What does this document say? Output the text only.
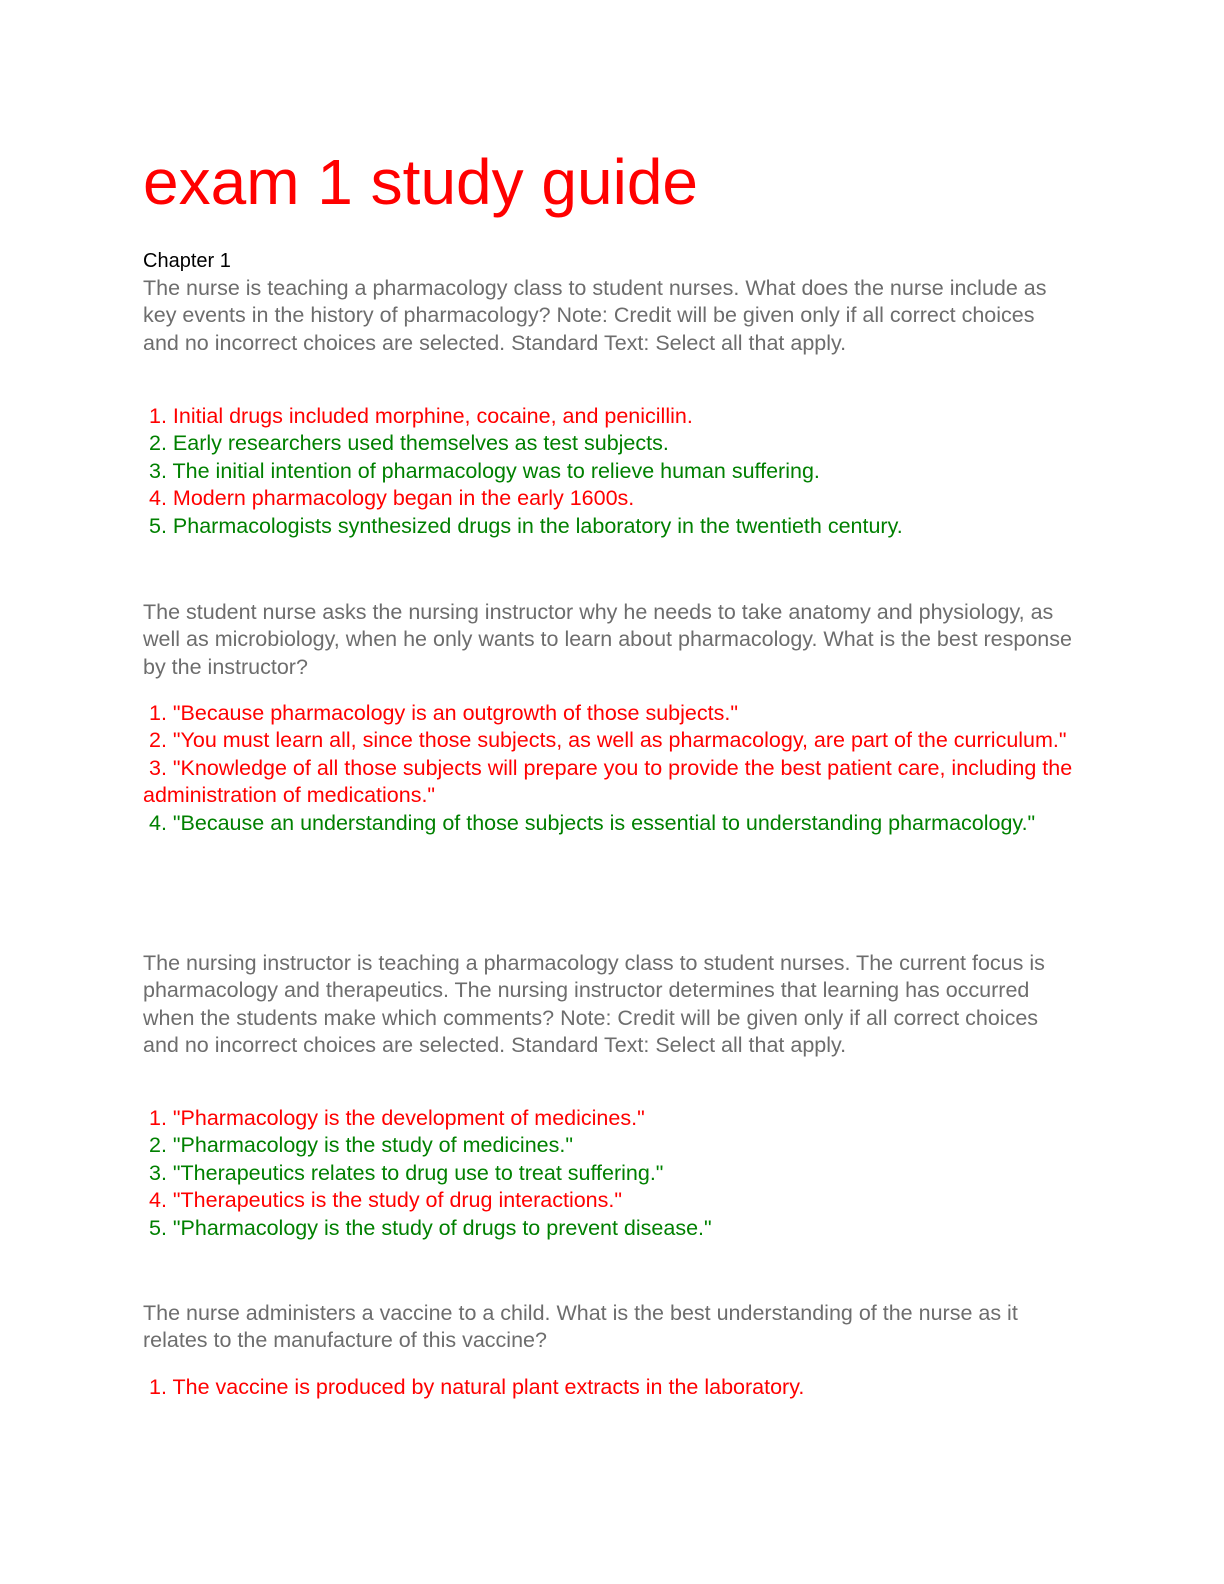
exam 1 study guide
Chapter 1
The nurse is teaching a pharmacology class to student nurses. What does the nurse include as key events in the history of pharmacology? Note: Credit will be given only if all correct choices and no incorrect choices are selected. Standard Text: Select all that apply.
1. Initial drugs included morphine, cocaine, and penicillin.
2. Early researchers used themselves as test subjects.
3. The initial intention of pharmacology was to relieve human suffering.
4. Modern pharmacology began in the early 1600s.
5. Pharmacologists synthesized drugs in the laboratory in the twentieth century.
The student nurse asks the nursing instructor why he needs to take anatomy and physiology, as well as microbiology, when he only wants to learn about pharmacology. What is the best response by the instructor?
1. "Because pharmacology is an outgrowth of those subjects."
2. "You must learn all, since those subjects, as well as pharmacology, are part of the curriculum."
3. "Knowledge of all those subjects will prepare you to provide the best patient care, including the administration of medications."
4. "Because an understanding of those subjects is essential to understanding pharmacology."
The nursing instructor is teaching a pharmacology class to student nurses. The current focus is pharmacology and therapeutics. The nursing instructor determines that learning has occurred when the students make which comments? Note: Credit will be given only if all correct choices and no incorrect choices are selected. Standard Text: Select all that apply.
1. "Pharmacology is the development of medicines."
2. "Pharmacology is the study of medicines."
3. "Therapeutics relates to drug use to treat suffering."
4. "Therapeutics is the study of drug interactions."
5. "Pharmacology is the study of drugs to prevent disease."
The nurse administers a vaccine to a child. What is the best understanding of the nurse as it relates to the manufacture of this vaccine?
1. The vaccine is produced by natural plant extracts in the laboratory.
